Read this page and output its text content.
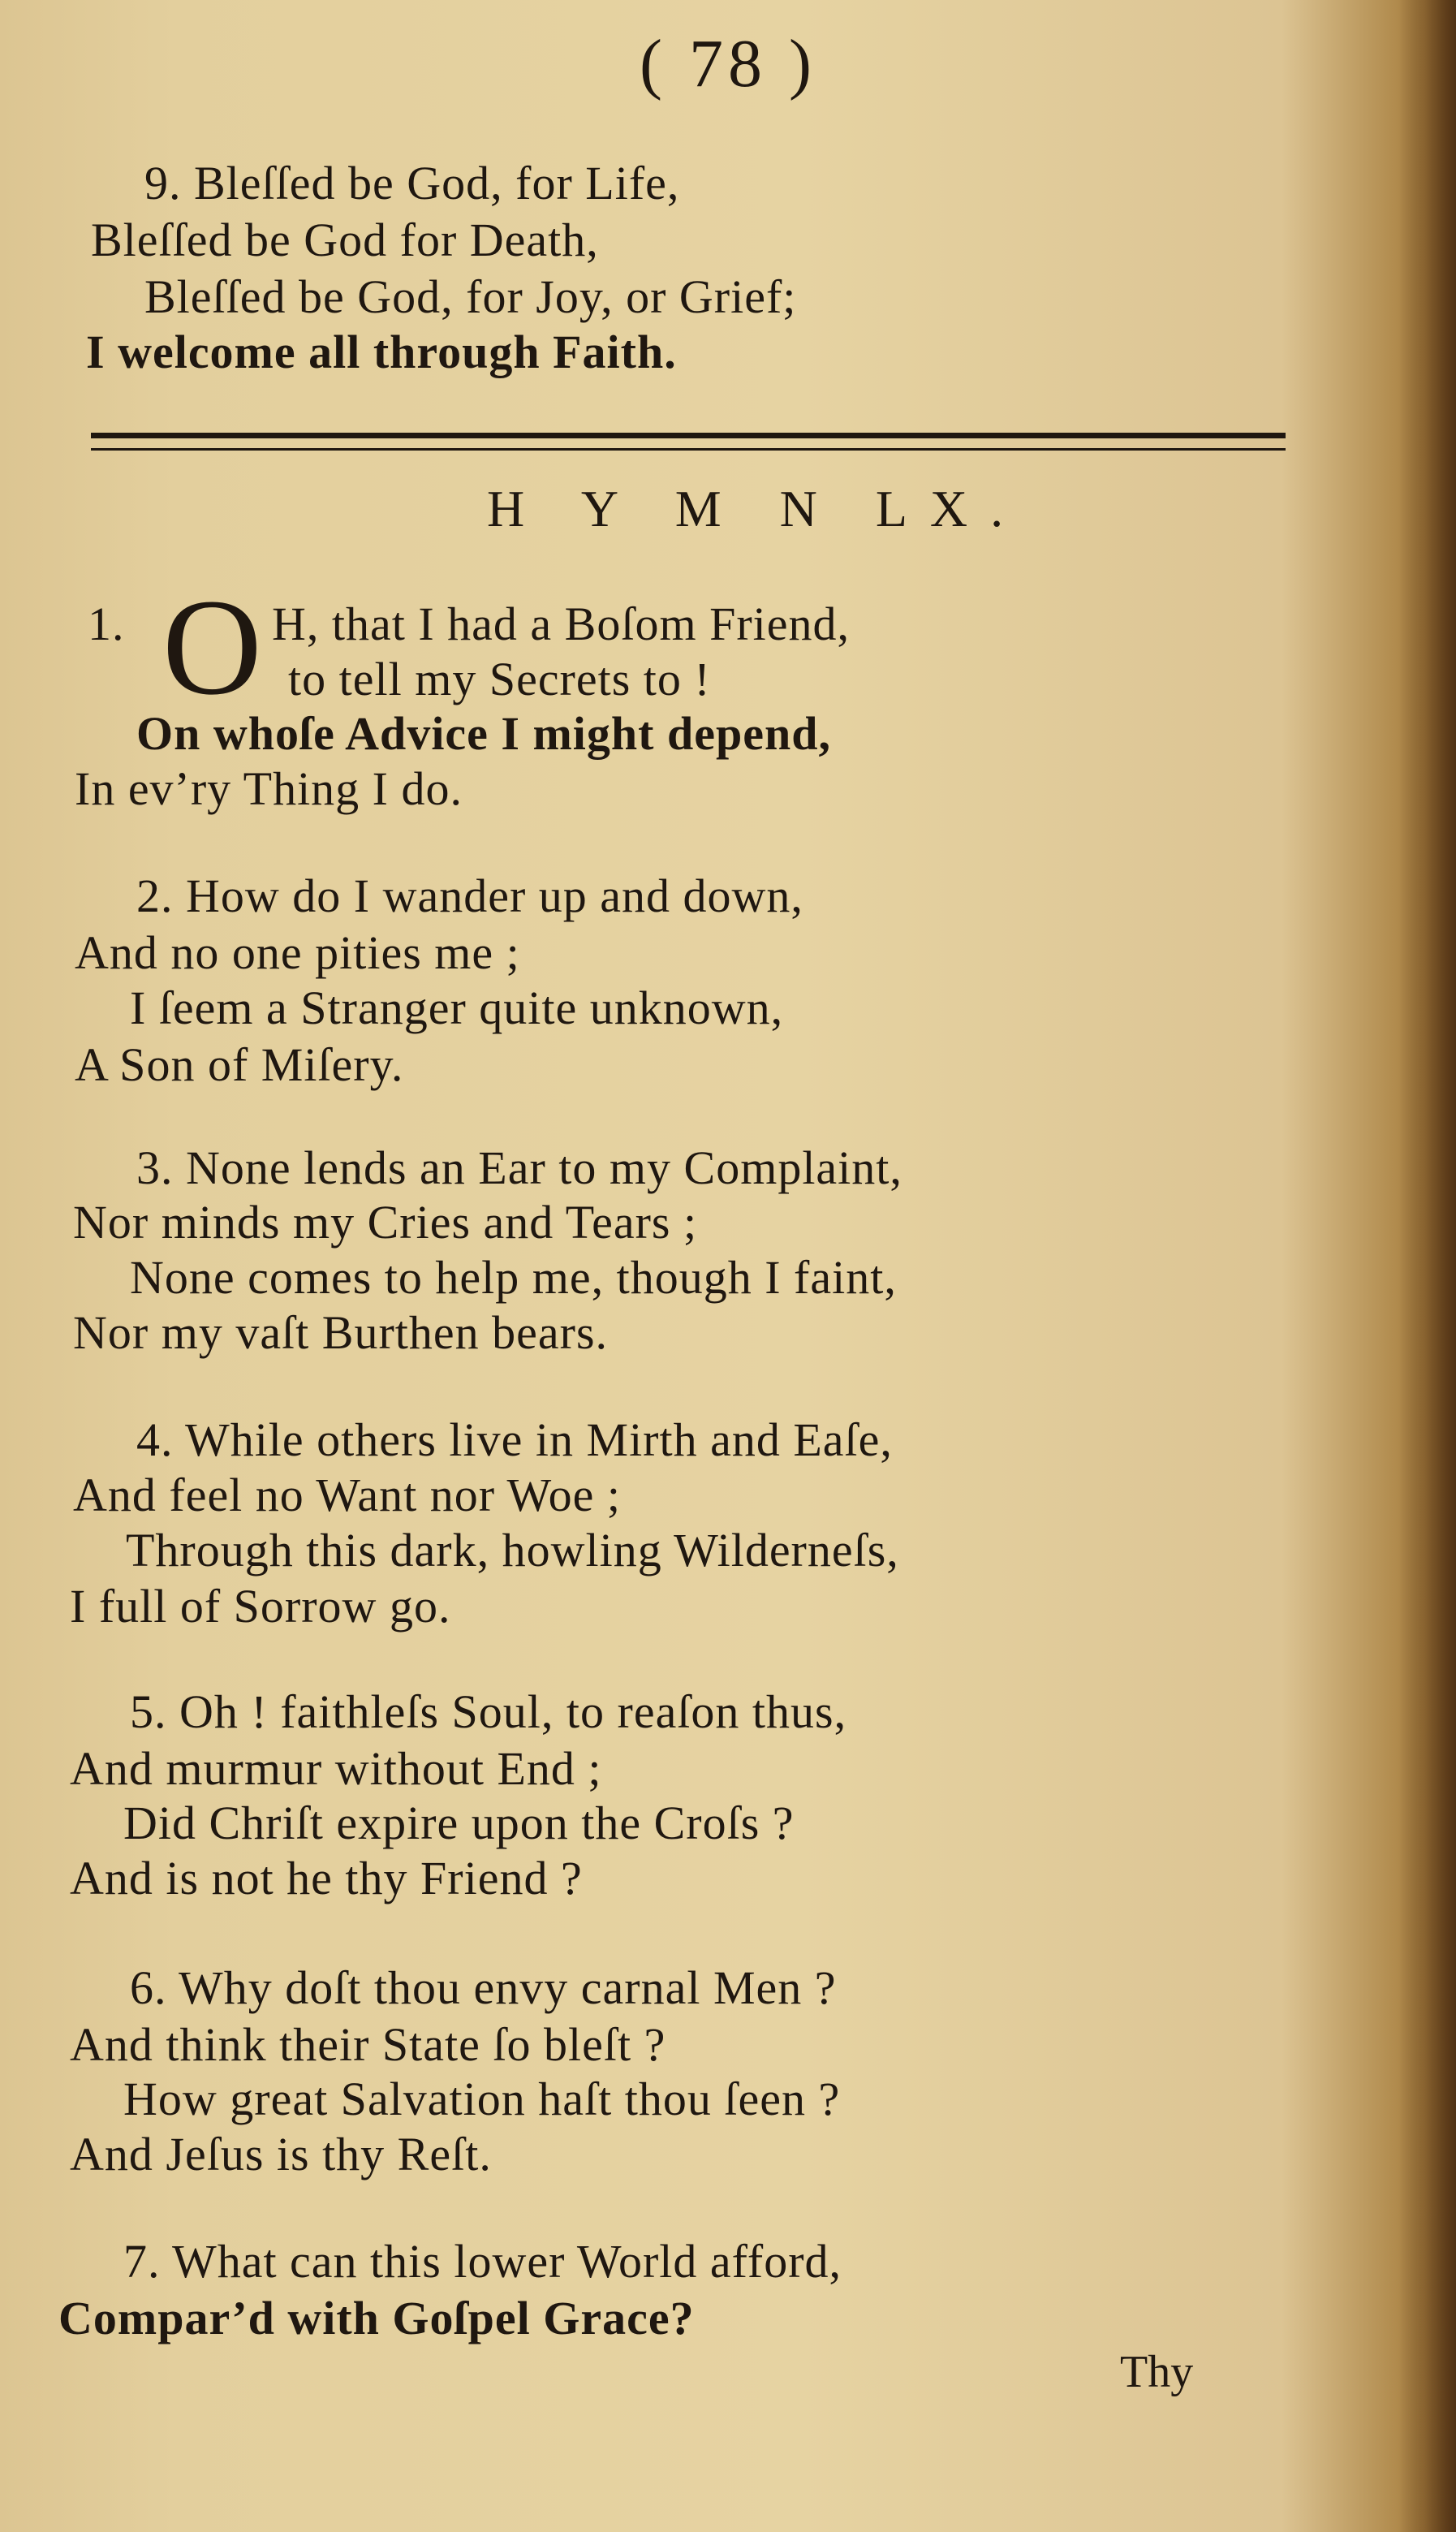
( 78 )
9. Bleſſed be God, for Life,
Bleſſed be God for Death,
Bleſſed be God, for Joy, or Grief;
I welcome all through Faith.
H Y M N LX.
1. O H, that I had a Boſom Friend,
to tell my Secrets to !
On whoſe Advice I might depend,
In ev’ry Thing I do.
2. How do I wander up and down,
And no one pities me ;
I ſeem a Stranger quite unknown,
A Son of Miſery.
3. None lends an Ear to my Complaint,
Nor minds my Cries and Tears ;
None comes to help me, though I faint,
Nor my vaſt Burthen bears.
4. While others live in Mirth and Eaſe,
And feel no Want nor Woe ;
Through this dark, howling Wilderneſs,
I full of Sorrow go.
5. Oh ! faithleſs Soul, to reaſon thus,
And murmur without End ;
Did Chriſt expire upon the Croſs ?
And is not he thy Friend ?
6. Why doſt thou envy carnal Men ?
And think their State ſo bleſt ?
How great Salvation haſt thou ſeen ?
And Jeſus is thy Reſt.
7. What can this lower World afford,
Compar’d with Goſpel Grace?
Thy
